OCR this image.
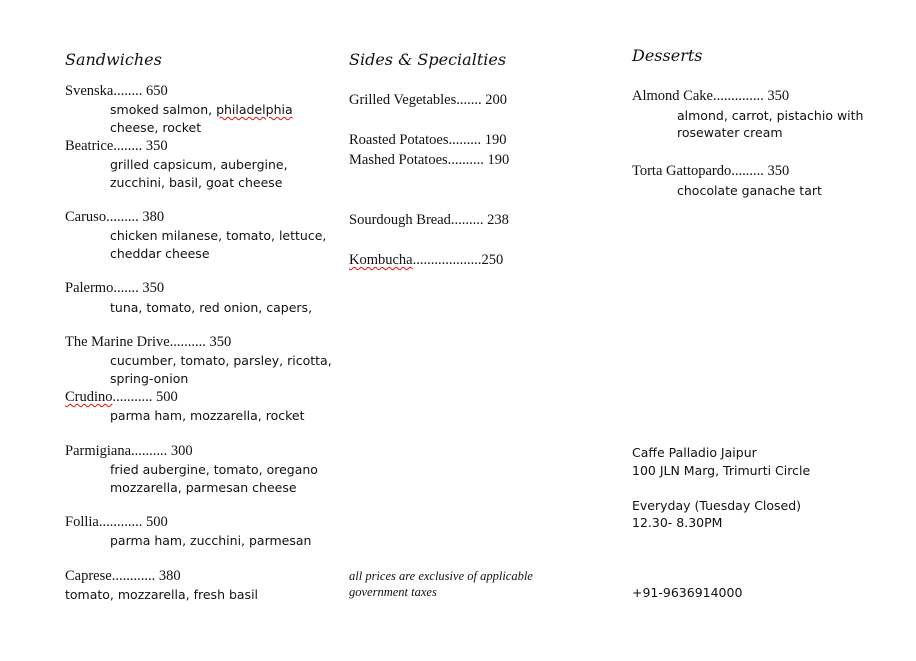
Sandwiches
Svenska........ 650
smoked salmon, philadelphia
cheese, rocket
Beatrice........ 350
grilled capsicum, aubergine,
zucchini, basil, goat cheese
Caruso......... 380
chicken milanese, tomato, lettuce,
cheddar cheese
Palermo....... 350
tuna, tomato, red onion, capers,
The Marine Drive.......... 350
cucumber, tomato, parsley, ricotta,
spring-onion
Crudino........... 500
parma ham, mozzarella, rocket
Parmigiana.......... 300
fried aubergine, tomato, oregano
mozzarella, parmesan cheese
Follia............ 500
parma ham, zucchini, parmesan
Caprese............ 380
tomato, mozzarella, fresh basil
Sides & Specialties
Grilled Vegetables....... 200
Roasted Potatoes......... 190
Mashed Potatoes.......... 190
Sourdough Bread......... 238
Kombucha...................250
all prices are exclusive of applicable
government taxes
Desserts
Almond Cake.............. 350
almond, carrot, pistachio with
rosewater cream
Torta Gattopardo......... 350
chocolate ganache tart
Caffe Palladio Jaipur
100 JLN Marg, Trimurti Circle
Everyday (Tuesday Closed)
12.30- 8.30PM
+91-9636914000
